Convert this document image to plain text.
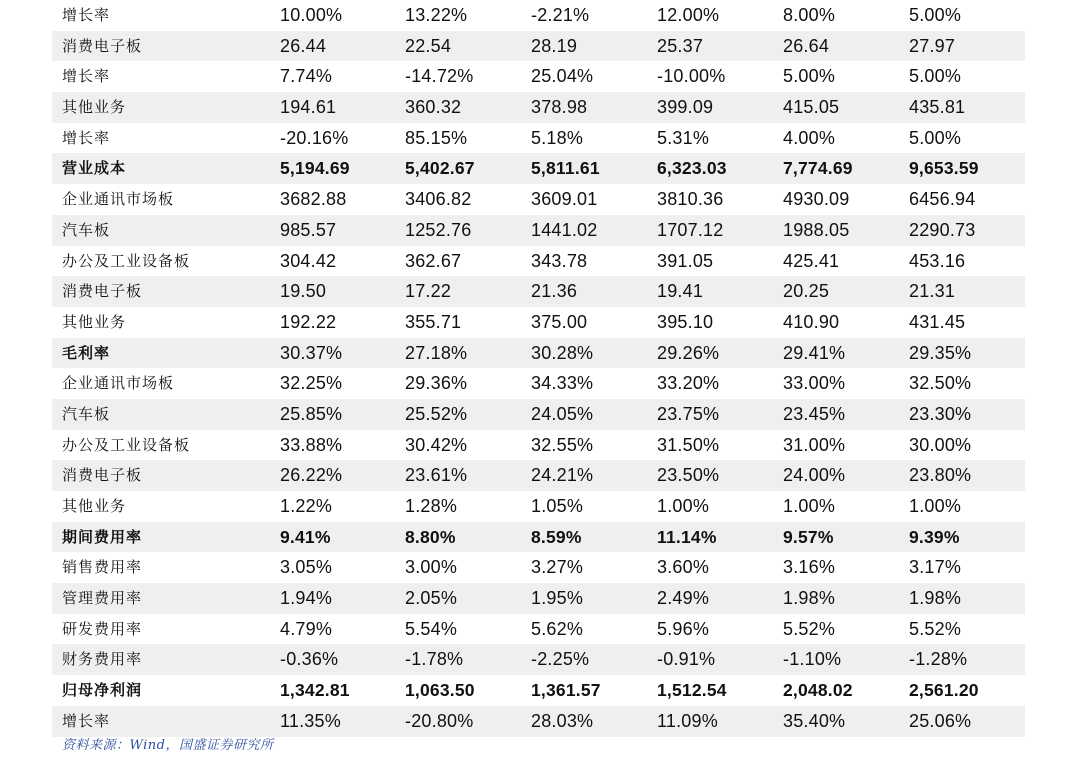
增长率	10.00%	13.22%	-2.21%	12.00%	8.00%	5.00%
消费电子板	26.44	22.54	28.19	25.37	26.64	27.97
增长率	7.74%	-14.72%	25.04%	-10.00%	5.00%	5.00%
其他业务	194.61	360.32	378.98	399.09	415.05	435.81
增长率	-20.16%	85.15%	5.18%	5.31%	4.00%	5.00%
营业成本	5,194.69	5,402.67	5,811.61	6,323.03	7,774.69	9,653.59
企业通讯市场板	3682.88	3406.82	3609.01	3810.36	4930.09	6456.94
汽车板	985.57	1252.76	1441.02	1707.12	1988.05	2290.73
办公及工业设备板	304.42	362.67	343.78	391.05	425.41	453.16
消费电子板	19.50	17.22	21.36	19.41	20.25	21.31
其他业务	192.22	355.71	375.00	395.10	410.90	431.45
毛利率	30.37%	27.18%	30.28%	29.26%	29.41%	29.35%
企业通讯市场板	32.25%	29.36%	34.33%	33.20%	33.00%	32.50%
汽车板	25.85%	25.52%	24.05%	23.75%	23.45%	23.30%
办公及工业设备板	33.88%	30.42%	32.55%	31.50%	31.00%	30.00%
消费电子板	26.22%	23.61%	24.21%	23.50%	24.00%	23.80%
其他业务	1.22%	1.28%	1.05%	1.00%	1.00%	1.00%
期间费用率	9.41%	8.80%	8.59%	11.14%	9.57%	9.39%
销售费用率	3.05%	3.00%	3.27%	3.60%	3.16%	3.17%
管理费用率	1.94%	2.05%	1.95%	2.49%	1.98%	1.98%
研发费用率	4.79%	5.54%	5.62%	5.96%	5.52%	5.52%
财务费用率	-0.36%	-1.78%	-2.25%	-0.91%	-1.10%	-1.28%
归母净利润	1,342.81	1,063.50	1,361.57	1,512.54	2,048.02	2,561.20
增长率	11.35%	-20.80%	28.03%	11.09%	35.40%	25.06%
资料来源：Wind，国盛证券研究所
